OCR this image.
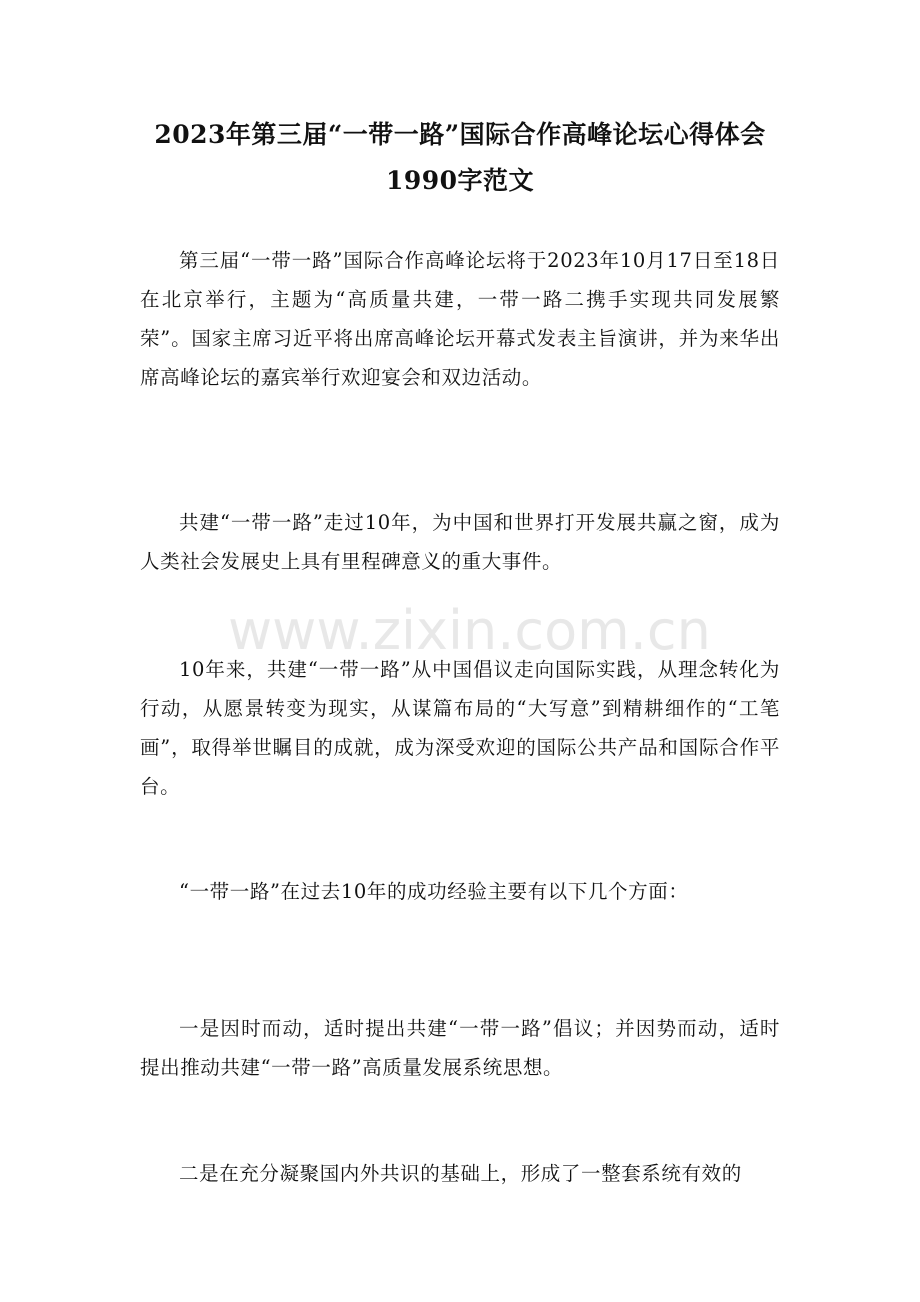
2023年第三届“一带一路”国际合作高峰论坛心得体会1990字范文

第三届“一带一路”国际合作高峰论坛将于2023年10月17日至18日在北京举行，主题为“高质量共建，一带一路二携手实现共同发展繁荣”。国家主席习近平将出席高峰论坛开幕式发表主旨演讲，并为来华出席高峰论坛的嘉宾举行欢迎宴会和双边活动。

共建“一带一路”走过10年，为中国和世界打开发展共赢之窗，成为人类社会发展史上具有里程碑意义的重大事件。

10年来，共建“一带一路”从中国倡议走向国际实践，从理念转化为行动，从愿景转变为现实，从谋篇布局的“大写意”到精耕细作的“工笔画”，取得举世瞩目的成就，成为深受欢迎的国际公共产品和国际合作平台。

“一带一路”在过去10年的成功经验主要有以下几个方面：

一是因时而动，适时提出共建“一带一路”倡议；并因势而动，适时提出推动共建“一带一路”高质量发展系统思想。

二是在充分凝聚国内外共识的基础上，形成了一整套系统有效的

www.zixin.com.cn
